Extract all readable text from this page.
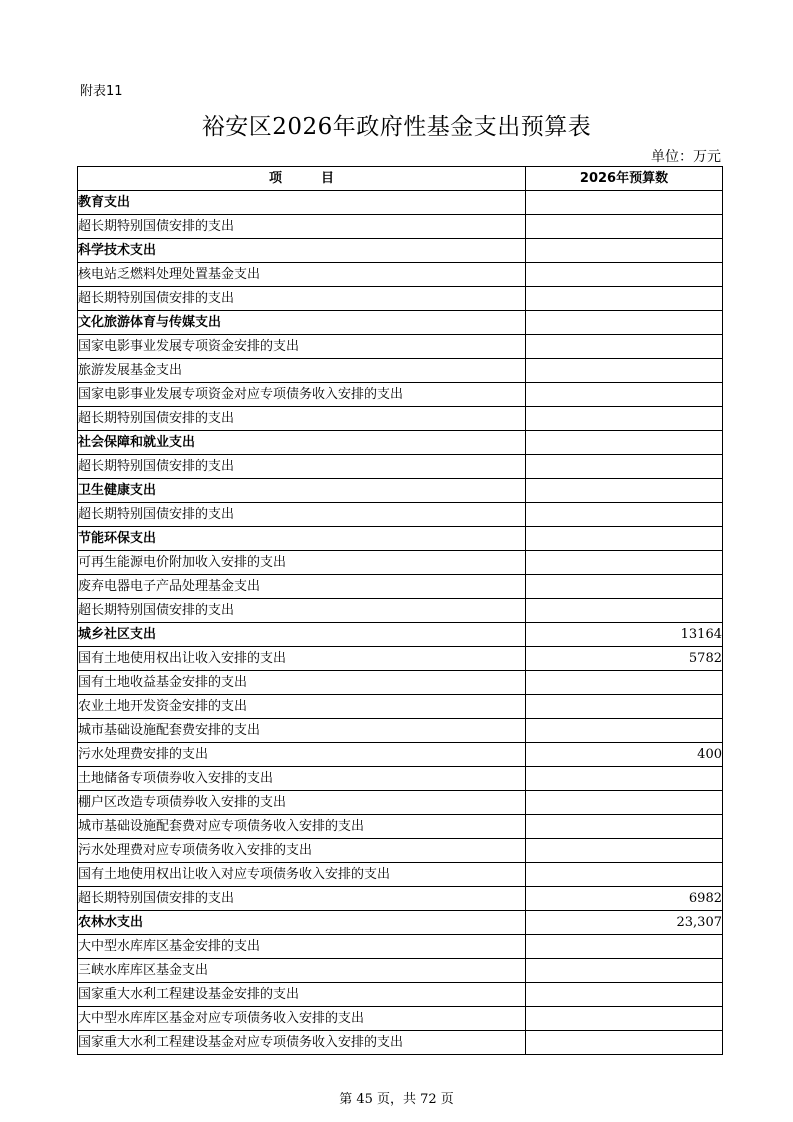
附表11
裕安区2026年政府性基金支出预算表
单位：万元
项　　　目	2026年预算数
教育支出	
超长期特别国债安排的支出	
科学技术支出	
核电站乏燃料处理处置基金支出	
超长期特别国债安排的支出	
文化旅游体育与传媒支出	
国家电影事业发展专项资金安排的支出	
旅游发展基金支出	
国家电影事业发展专项资金对应专项债务收入安排的支出	
超长期特别国债安排的支出	
社会保障和就业支出	
超长期特别国债安排的支出	
卫生健康支出	
超长期特别国债安排的支出	
节能环保支出	
可再生能源电价附加收入安排的支出	
废弃电器电子产品处理基金支出	
超长期特别国债安排的支出	
城乡社区支出	13164
国有土地使用权出让收入安排的支出	5782
国有土地收益基金安排的支出	
农业土地开发资金安排的支出	
城市基础设施配套费安排的支出	
污水处理费安排的支出	400
土地储备专项债券收入安排的支出	
棚户区改造专项债券收入安排的支出	
城市基础设施配套费对应专项债务收入安排的支出	
污水处理费对应专项债务收入安排的支出	
国有土地使用权出让收入对应专项债务收入安排的支出	
超长期特别国债安排的支出	6982
农林水支出	23,307
大中型水库库区基金安排的支出	
三峡水库库区基金支出	
国家重大水利工程建设基金安排的支出	
大中型水库库区基金对应专项债务收入安排的支出	
国家重大水利工程建设基金对应专项债务收入安排的支出	
第 45 页，共 72 页
